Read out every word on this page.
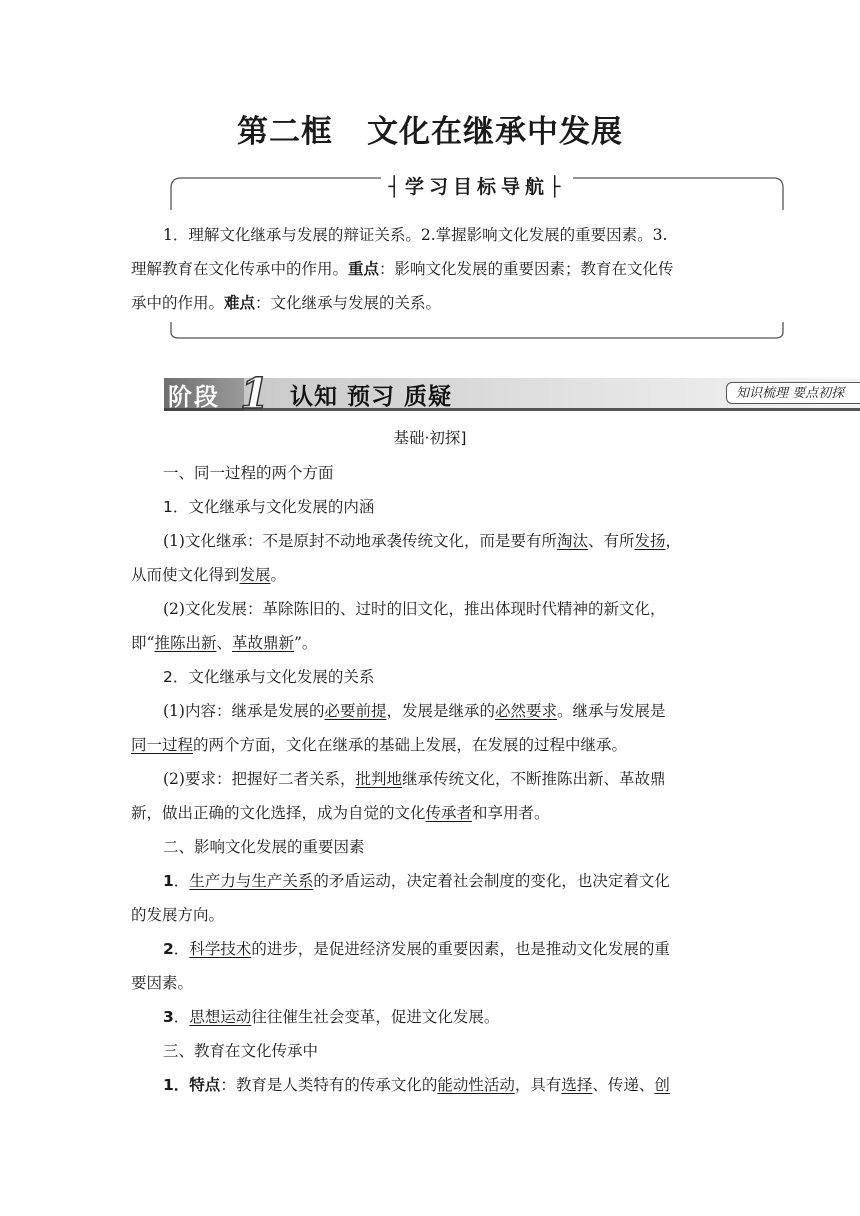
第二框 文化在继承中发展
┤学习目标导航├
1．理解文化继承与发展的辩证关系。2.掌握影响文化发展的重要因素。3.
理解教育在文化传承中的作用。重点：影响文化发展的重要因素；教育在文化传
承中的作用。难点：文化继承与发展的关系。
阶段 1 认知 预习 质疑	知识梳理 要点初探
基础·初探]
一、同一过程的两个方面
1．文化继承与文化发展的内涵
(1)文化继承：不是原封不动地承袭传统文化，而是要有所淘汰、有所发扬，
从而使文化得到发展。
(2)文化发展：革除陈旧的、过时的旧文化，推出体现时代精神的新文化，
即“推陈出新、革故鼎新”。
2．文化继承与文化发展的关系
(1)内容：继承是发展的必要前提，发展是继承的必然要求。继承与发展是
同一过程的两个方面，文化在继承的基础上发展，在发展的过程中继承。
(2)要求：把握好二者关系，批判地继承传统文化，不断推陈出新、革故鼎
新，做出正确的文化选择，成为自觉的文化传承者和享用者。
二、影响文化发展的重要因素
1．生产力与生产关系的矛盾运动，决定着社会制度的变化，也决定着文化
的发展方向。
2．科学技术的进步，是促进经济发展的重要因素，也是推动文化发展的重
要因素。
3．思想运动往往催生社会变革，促进文化发展。
三、教育在文化传承中
1．特点：教育是人类特有的传承文化的能动性活动，具有选择、传递、创
